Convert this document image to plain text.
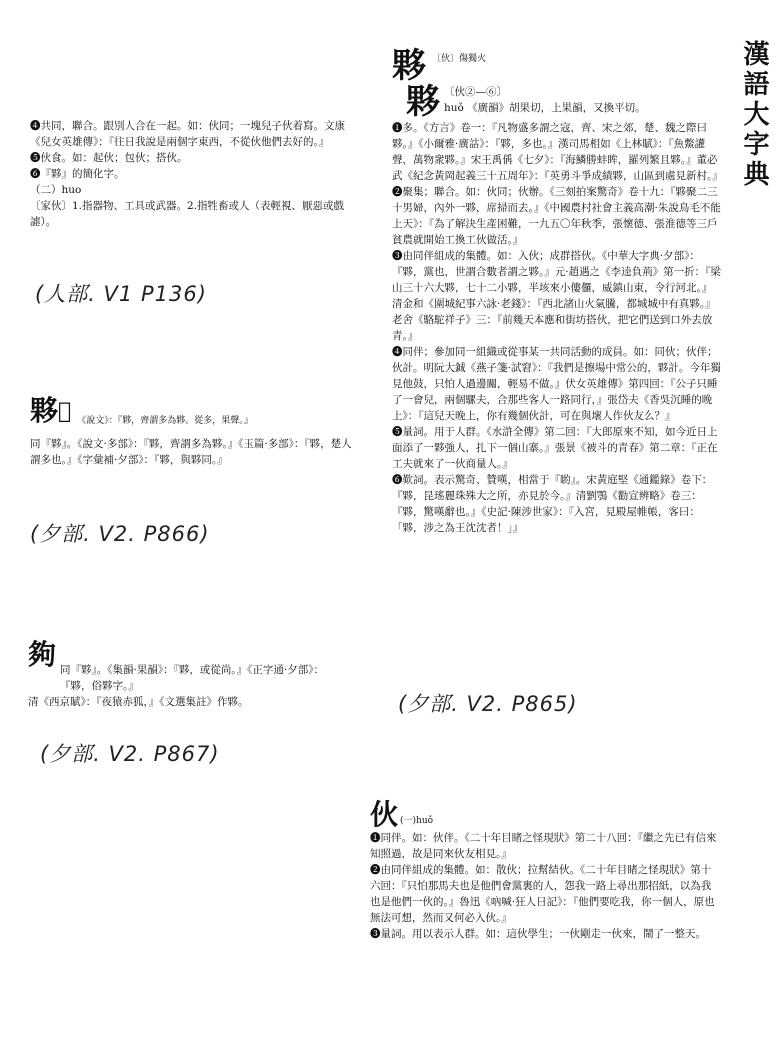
漢語大字典
❹共同，聯合。跟別人合在一起。如：伙同；一塊兒子伙着寫。文康《兒女英雄傳》：『往日我說是兩個字東西，不從伙他們去好的。』
❺伙食。如：起伙；包伙；搭伙。
❻『夥』的簡化字。
（二）huo
〔家伙〕1.指器物、工具或武器。2.指牲畜或人（表輕視、厭惡或戲謔）。
(人部. V1 P136)
夥 𡙷 《說文》：『夥，齊謂多為夥。從多，果聲。』
同『夥』。《說文·多部》：『夥，齊謂多為夥。』《玉篇·多部》：『夥，楚人謂多也。』《字彙補·夕部》：『夥，與夥同。』
(夕部. V2. P866)
夠 同『夥』。《集韻·果韻》：『夥，或從尚。』《正字通·夕部》：『夥，俗夥字。』
清《西京賦》：『夜猿赤狐，』《文選集註》作夥。
(夕部. V2. P867)
夥 〔伙〕傷獨火
夥 〔伙②—⑥〕
huǒ 《廣韻》胡果切，上果韻，又換平切。
❶多。《方言》卷一：『凡物盛多謂之寇，齊、宋之郊，楚、魏之際曰夥。』《小爾雅·廣詁》：『夥，多也。』漢司馬相如《上林賦》：『魚鱉讙聲，萬物衆夥。』宋王禹偁《七夕》：『海鱗勝蚌眸，羅列繁且夥。』董必武《紀念黃岡起義三十五周年》：『英勇斗爭成績夥，山區到處見新村。』
❷聚集；聯合。如：伙同；伙辦。《三刻拍案驚奇》卷十九：『夥聚二三十男婦，內外一夥，席掃而去。』《中國農村社會主義高潮·朱說鳥毛不能上天》：『為了解決生產困難，一九五〇年秋季，張懷德、張淮德等三戶貧農就開始工換工伙做活。』
❸由同伴組成的集體。如：入伙；成群搭伙。《中華大字典·夕部》：『夥，黨也，世謂合數者謂之夥。』元·趙遇之《李逵負荊》第一折：『梁山三十六大夥，七十二小夥，半垓來小僂儸，威鎮山東，令行河北。』清金和《圍城紀事六詠·老錢》：『西北諸山火氣騰，都城城中有真夥。』老舍《駱駝祥子》三：『前幾天本應和街坊搭伙，把它們送到口外去放青。』
❹同伴；參加同一組織或從事某一共同活動的成員。如：同伙；伙伴；伙計。明阮大鋮《燕子箋·試窘》：『我們是擦場中常公的，夥計。今年獨見他鼓，只怕人過邊關，輕易不做。』伏女英雄傳》第四回：『公子只睡了一會兒，兩個騾夫，合那些客人一路同行，』張岱夫《香吳沉睡的晚上》：『這兒天晚上，你有幾個伙計，可在與壞人作伙友么？』
❺量詞。用于人群。《水滸全傳》第二回：『大郎原來不知，如今近日上面添了一夥強人，扎下一個山寨。』張景《被斗的青春》第二章：『正在工夫就來了一伙商量人。』
❻歎詞。表示驚奇、贊嘆，相當于『喲』。宋黃庭堅《通鑑錄》卷下：『夥，昆瑤麗珠殊大之所，亦見於今。』清劉鶚《勸宣辨略》卷三：『夥，驚嘆辭也。』《史記·陳涉世家》：『入宮，見殿屋帷帳，客曰：「夥，涉之為王沈沈者！」』
(夕部. V2. P865)
伙 (一)huǒ
❶同伴。如：伙伴。《二十年目睹之怪現狀》第二十八回：『繼之先已有信來知照過，故是同來伙友相見。』
❷由同伴組成的集體。如：散伙；拉幫結伙。《二十年目睹之怪現狀》第十六回：『只怕那馬夫也是他們會黨裏的人，怨我一路上尋出那招紙，以為我也是他們一伙的。』魯迅《吶喊·狂人日記》：『他們要吃我，你一個人，原也無法可想，然而又何必入伙。』
❸量詞。用以表示人群。如：這伙學生；一伙剛走一伙來，鬧了一整天。
